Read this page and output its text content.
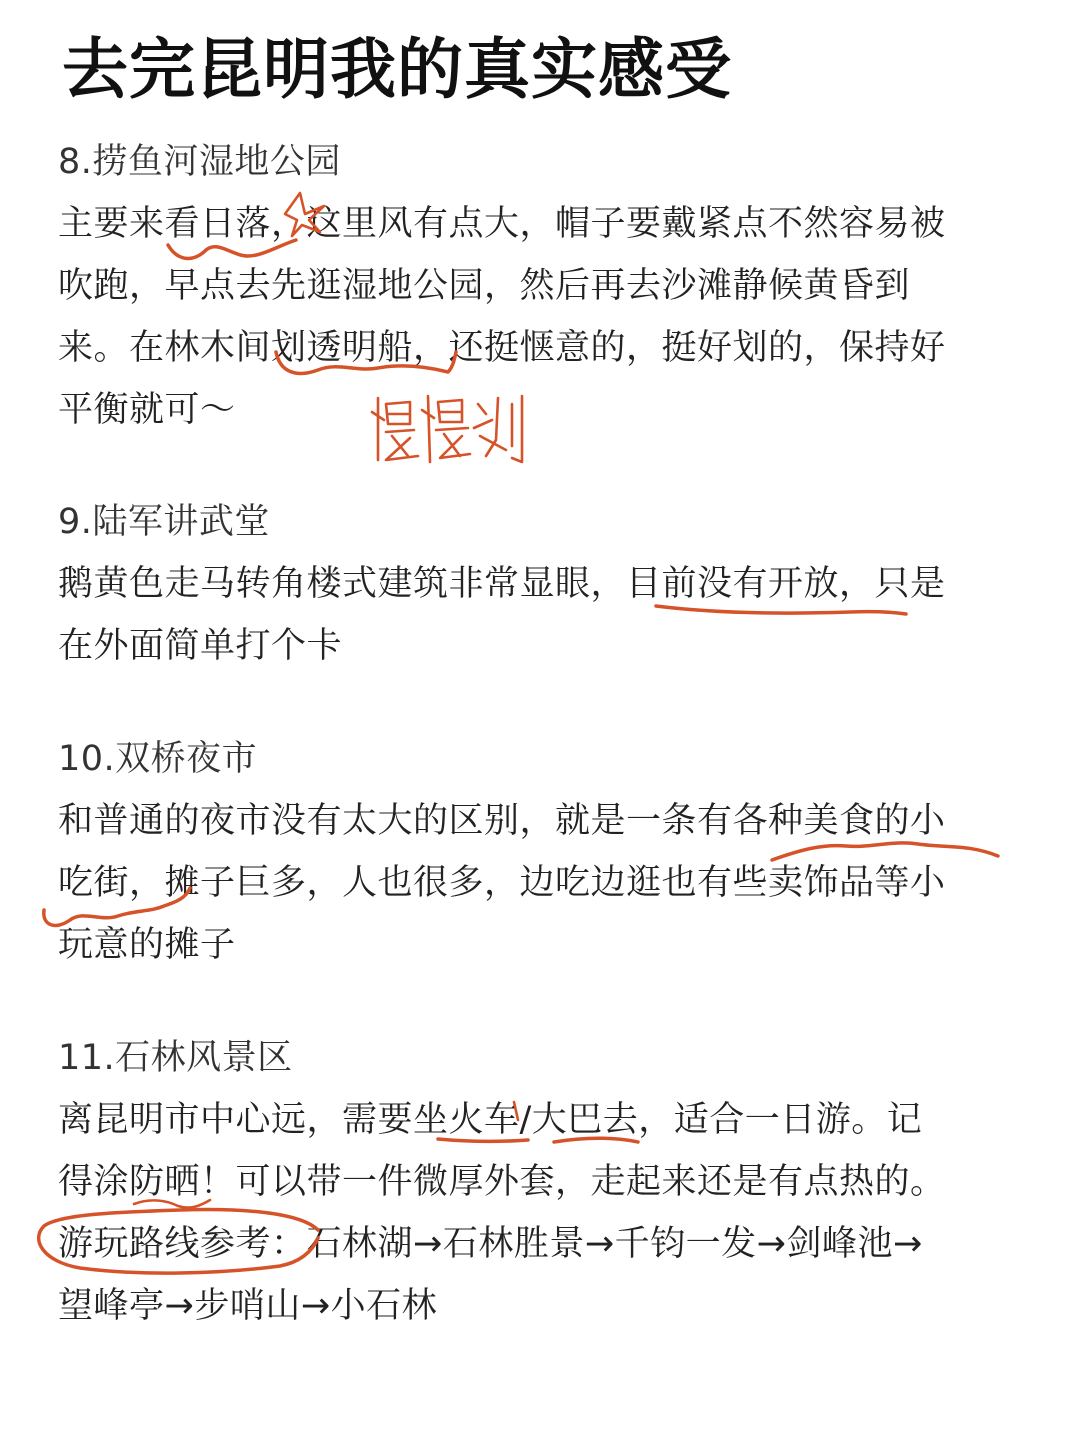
去完昆明我的真实感受
8.捞鱼河湿地公园
主要来看日落，这里风有点大，帽子要戴紧点不然容易被
吹跑，早点去先逛湿地公园，然后再去沙滩静候黄昏到
来。在林木间划透明船，还挺惬意的，挺好划的，保持好
平衡就可～
9.陆军讲武堂
鹅黄色走马转角楼式建筑非常显眼，目前没有开放，只是
在外面简单打个卡
10.双桥夜市
和普通的夜市没有太大的区别，就是一条有各种美食的小
吃街，摊子巨多，人也很多，边吃边逛也有些卖饰品等小
玩意的摊子
11.石林风景区
离昆明市中心远，需要坐火车/大巴去，适合一日游。记
得涂防晒！可以带一件微厚外套，走起来还是有点热的。
游玩路线参考：石林湖→石林胜景→千钧一发→剑峰池→
望峰亭→步哨山→小石林
